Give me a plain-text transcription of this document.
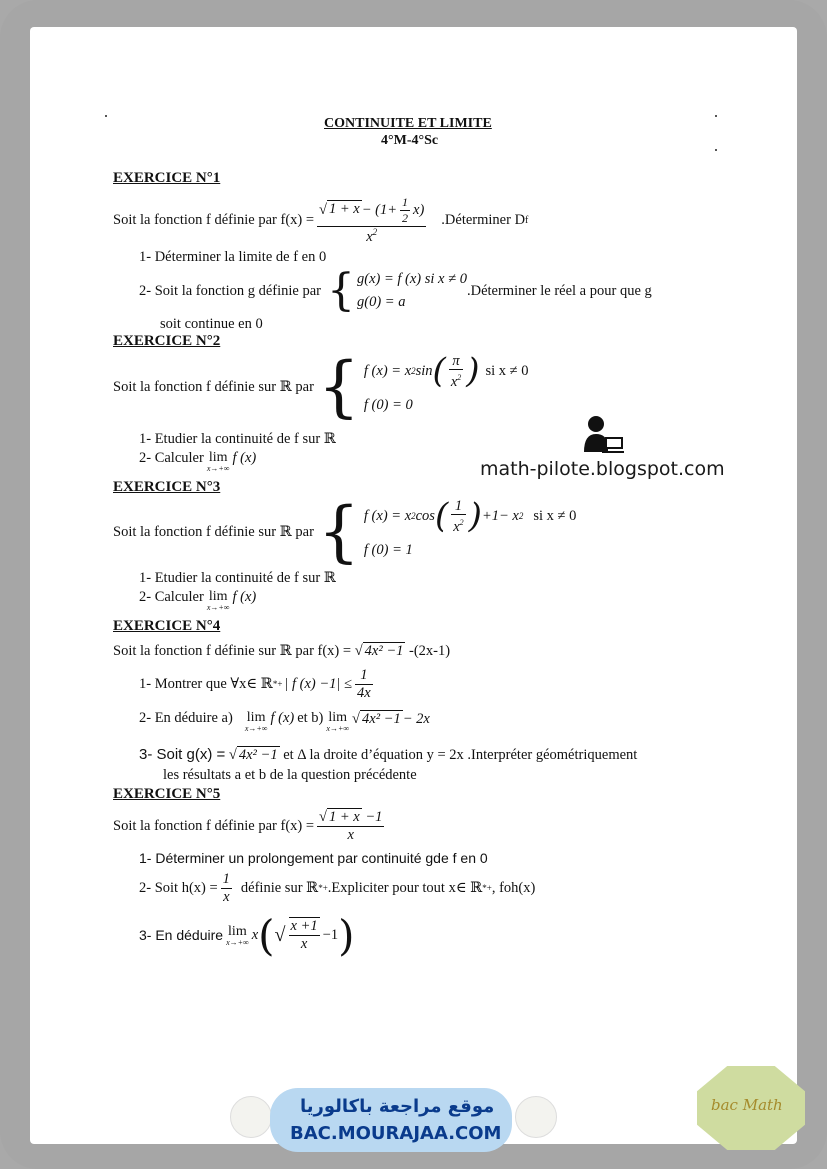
CONTINUITE ET LIMITE
4°M-4°Sc
EXERCICE N°1
Soit la fonction f définie par $f(x) = \frac{√ 1 + x - (1+ \frac{1}{2} x)}{x^2}$ .Déterminer D f
1- Déterminer la limite de f en 0
2- Soit la fonction g définie par { g(x) = f (x) si x ≠ 0
g(0) = a
.Déterminer le réel a pour que g
soit continue en 0
EXERCICE N°2
Soit la fonction f définie sur ℝ par { f (x) = x 2 sin ( $\frac{\pi}{x^2}$ ) si x ≠ 0
f (0) = 0
1- Etudier la continuité de f sur ℝ
2- Calculer lim
x→+∞
f (x)	math-pilote.blogspot.com
EXERCICE N°3
Soit la fonction f définie sur ℝ par { f (x) = x 2 cos ( $\frac{1}{x^2}$ ) +1− x 2 si x ≠ 0
f (0) = 1
1- Etudier la continuité de f sur ℝ
2- Calculer lim
x→+∞
f (x)
EXERCICE N°4
Soit la fonction f définie sur ℝ par f(x) = √ 4x² −1 -(2x-1)
1- Montrer que ∀x∈ ℝ * + | f $(x) -1| \le \frac{1}{4x}$
2- En déduire a) lim
x→+∞
f (x) et b) lim
x→+∞
√ 4x² −1 − 2x
3- Soit g(x) = √ 4x² −1 et Δ la droite d’équation y = 2x .Interpréter géométriquement
les résultats a et b de la question précédente
EXERCICE N°5
Soit la fonction f définie par $f(x) = \frac{√ 1 + x -1}{x}$
1- Déterminer un prolongement par continuité gde f en 0
2- Soit $h(x) = \frac{1}{x}$ définie sur ℝ * + .Expliciter pour tout x∈ ℝ * + , foh(x)
3- En déduire lim
x→+∞ x ( √ $\frac{x +1}{x} -1$ )
موقع مراجعة باكالوريا
BAC.MOURAJAA.COM
bac Math
